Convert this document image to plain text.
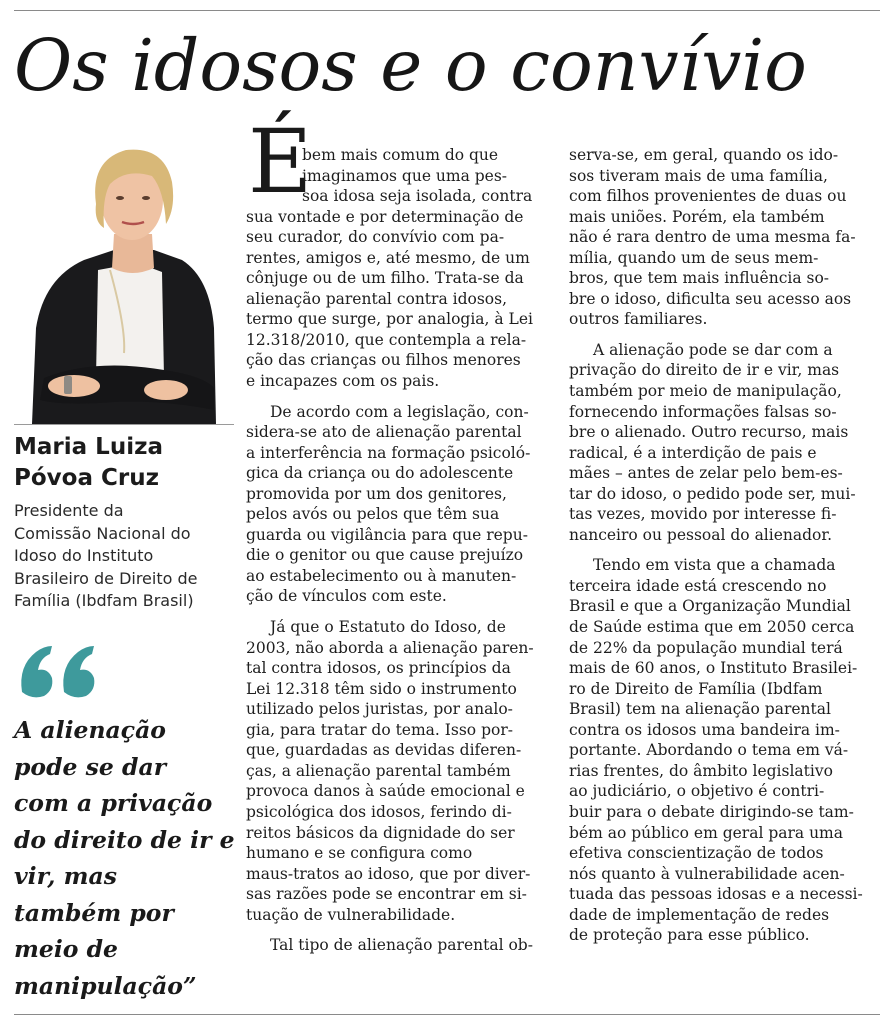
Os idosos e o convívio
Maria Luiza
Póvoa Cruz
Presidente da
Comissão Nacional do
Idoso do Instituto
Brasileiro de Direito de
Família (Ibdfam Brasil)
A alienação
pode se dar
com a privação
do direito de ir e
vir, mas
também por
meio de
manipulação”
É
bem mais comum do que
imaginamos que uma pes-
soa idosa seja isolada, contra
sua vontade e por determinação de
seu curador, do convívio com pa-
rentes, amigos e, até mesmo, de um
cônjuge ou de um filho. Trata-se da
alienação parental contra idosos,
termo que surge, por analogia, à Lei
12.318/2010, que contempla a rela-
ção das crianças ou filhos menores
e incapazes com os pais.
De acordo com a legislação, con-
sidera-se ato de alienação parental
a interferência na formação psicoló-
gica da criança ou do adolescente
promovida por um dos genitores,
pelos avós ou pelos que têm sua
guarda ou vigilância para que repu-
die o genitor ou que cause prejuízo
ao estabelecimento ou à manuten-
ção de vínculos com este.
Já que o Estatuto do Idoso, de
2003, não aborda a alienação paren-
tal contra idosos, os princípios da
Lei 12.318 têm sido o instrumento
utilizado pelos juristas, por analo-
gia, para tratar do tema. Isso por-
que, guardadas as devidas diferen-
ças, a alienação parental também
provoca danos à saúde emocional e
psicológica dos idosos, ferindo di-
reitos básicos da dignidade do ser
humano e se configura como
maus-tratos ao idoso, que por diver-
sas razões pode se encontrar em si-
tuação de vulnerabilidade.
Tal tipo de alienação parental ob-
serva-se, em geral, quando os ido-
sos tiveram mais de uma família,
com filhos provenientes de duas ou
mais uniões. Porém, ela também
não é rara dentro de uma mesma fa-
mília, quando um de seus mem-
bros, que tem mais influência so-
bre o idoso, dificulta seu acesso aos
outros familiares.
A alienação pode se dar com a
privação do direito de ir e vir, mas
também por meio de manipulação,
fornecendo informações falsas so-
bre o alienado. Outro recurso, mais
radical, é a interdição de pais e
mães – antes de zelar pelo bem-es-
tar do idoso, o pedido pode ser, mui-
tas vezes, movido por interesse fi-
nanceiro ou pessoal do alienador.
Tendo em vista que a chamada
terceira idade está crescendo no
Brasil e que a Organização Mundial
de Saúde estima que em 2050 cerca
de 22% da população mundial terá
mais de 60 anos, o Instituto Brasilei-
ro de Direito de Família (Ibdfam
Brasil) tem na alienação parental
contra os idosos uma bandeira im-
portante. Abordando o tema em vá-
rias frentes, do âmbito legislativo
ao judiciário, o objetivo é contri-
buir para o debate dirigindo-se tam-
bém ao público em geral para uma
efetiva conscientização de todos
nós quanto à vulnerabilidade acen-
tuada das pessoas idosas e a necessi-
dade de implementação de redes
de proteção para esse público.
